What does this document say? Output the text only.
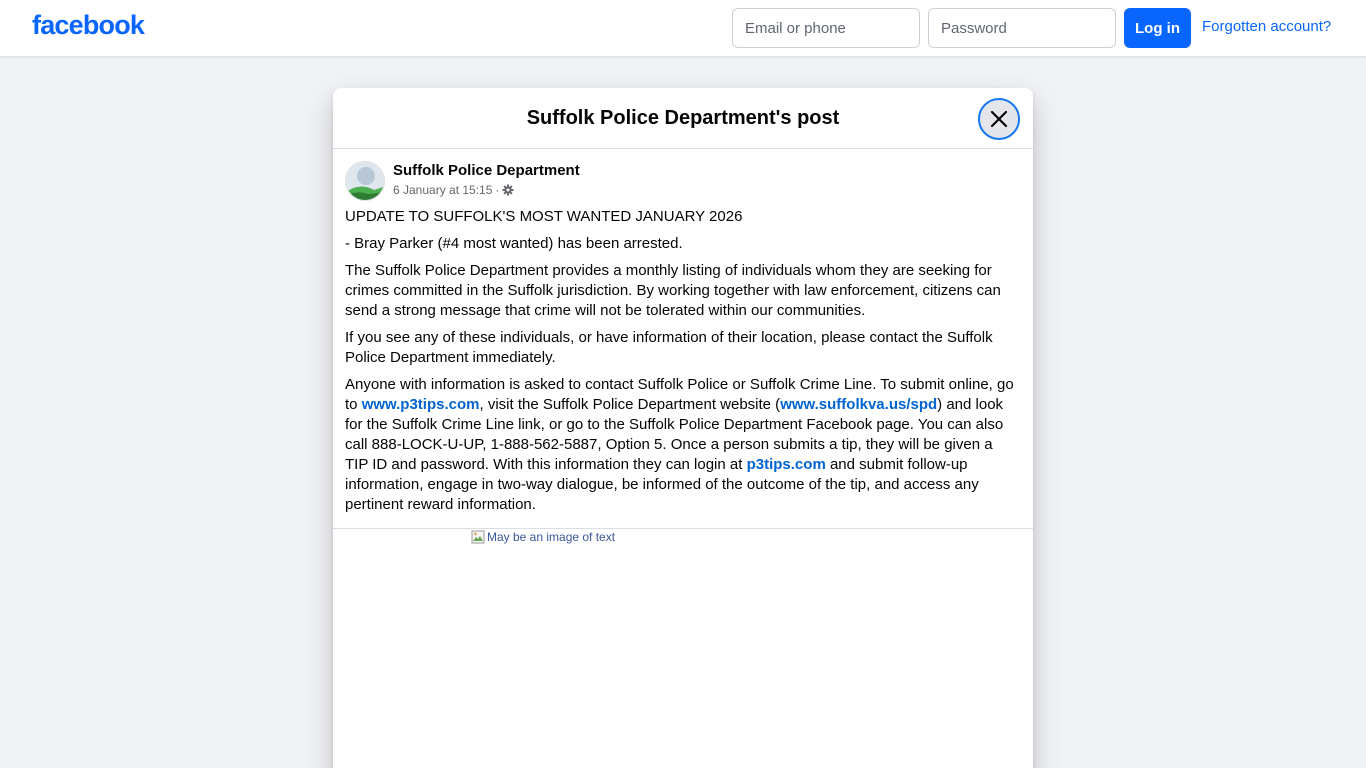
facebook
Email or phone	Log in	Forgotten account?
Suffolk Police Department's post
Suffolk Police Department
6 January at 15:15 ·

UPDATE TO SUFFOLK'S MOST WANTED JANUARY 2026

- Bray Parker (#4 most wanted) has been arrested.

The Suffolk Police Department provides a monthly listing of individuals whom they are seeking for crimes committed in the Suffolk jurisdiction. By working together with law enforcement, citizens can send a strong message that crime will not be tolerated within our communities.

If you see any of these individuals, or have information of their location, please contact the Suffolk Police Department immediately.

Anyone with information is asked to contact Suffolk Police or Suffolk Crime Line. To submit online, go to www.p3tips.com, visit the Suffolk Police Department website (www.suffolkva.us/spd) and look for the Suffolk Crime Line link, or go to the Suffolk Police Department Facebook page. You can also call 888-LOCK-U-UP, 1-888-562-5887, Option 5. Once a person submits a tip, they will be given a TIP ID and password. With this information they can login at p3tips.com and submit follow-up information, engage in two-way dialogue, be informed of the outcome of the tip, and access any pertinent reward information.

May be an image of text
